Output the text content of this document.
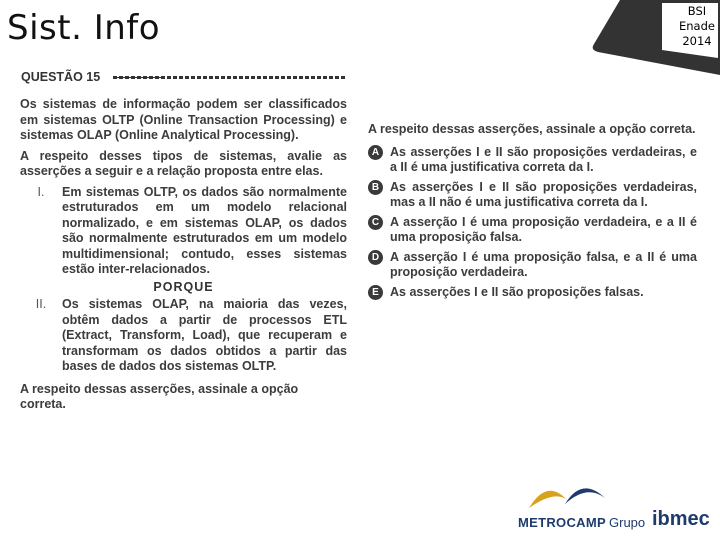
Sist. Info	BSI
Enade
2014
QUESTÃO 15

Os sistemas de informação podem ser classificados em sistemas OLTP (Online Transaction Processing) e sistemas OLAP (Online Analytical Processing).

A respeito desses tipos de sistemas, avalie as asserções a seguir e a relação proposta entre elas.

I.	Em sistemas OLTP, os dados são normalmente estruturados em um modelo relacional normalizado, e em sistemas OLAP, os dados são normalmente estruturados em um modelo multidimensional; contudo, esses sistemas estão inter-relacionados.
PORQUE
II.	Os sistemas OLAP, na maioria das vezes, obtêm dados a partir de processos ETL (Extract, Transform, Load), que recuperam e transformam os dados obtidos a partir das bases de dados dos sistemas OLTP.

A respeito dessas asserções, assinale a opção correta.

A respeito dessas asserções, assinale a opção correta.

A As asserções I e II são proposições verdadeiras, e a II é uma justificativa correta da I.
B As asserções I e II são proposições verdadeiras, mas a II não é uma justificativa correta da I.
C A asserção I é uma proposição verdadeira, e a II é uma proposição falsa.
D A asserção I é uma proposição falsa, e a II é uma proposição verdadeira.
E As asserções I e II são proposições falsas.
METROCAMP Grupo ibmec
